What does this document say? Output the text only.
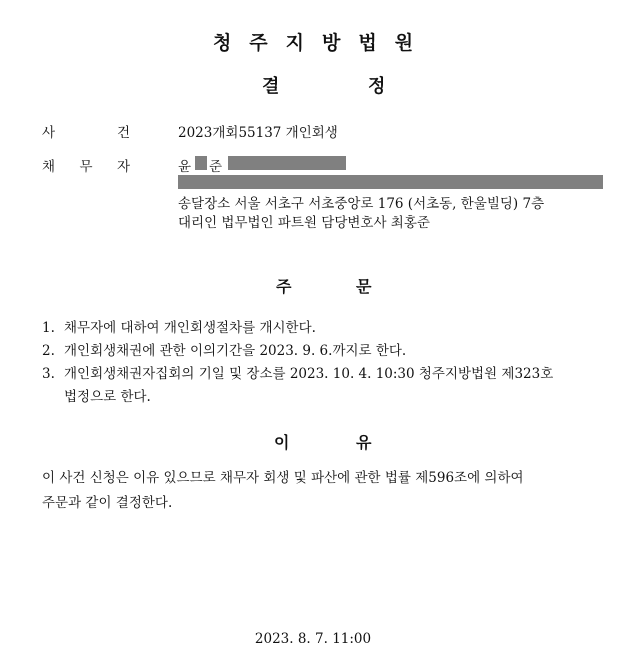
청주지방법원
결	정
사	건	2023개회55137 개인회생
채 무 자	윤 준
송달장소 서울 서초구 서초중앙로 176 (서초동, 한울빌딩) 7층
대리인 법무법인 파트원 담당변호사 최홍준
주	문
1. 채무자에 대하여 개인회생절차를 개시한다.
2. 개인회생채권에 관한 이의기간을 2023. 9. 6.까지로 한다.
3. 개인회생채권자집회의 기일 및 장소를 2023. 10. 4. 10:30 청주지방법원 제323호
법정으로 한다.
이	유
이 사건 신청은 이유 있으므로 채무자 회생 및 파산에 관한 법률 제596조에 의하여
주문과 같이 결정한다.
2023. 8. 7. 11:00
